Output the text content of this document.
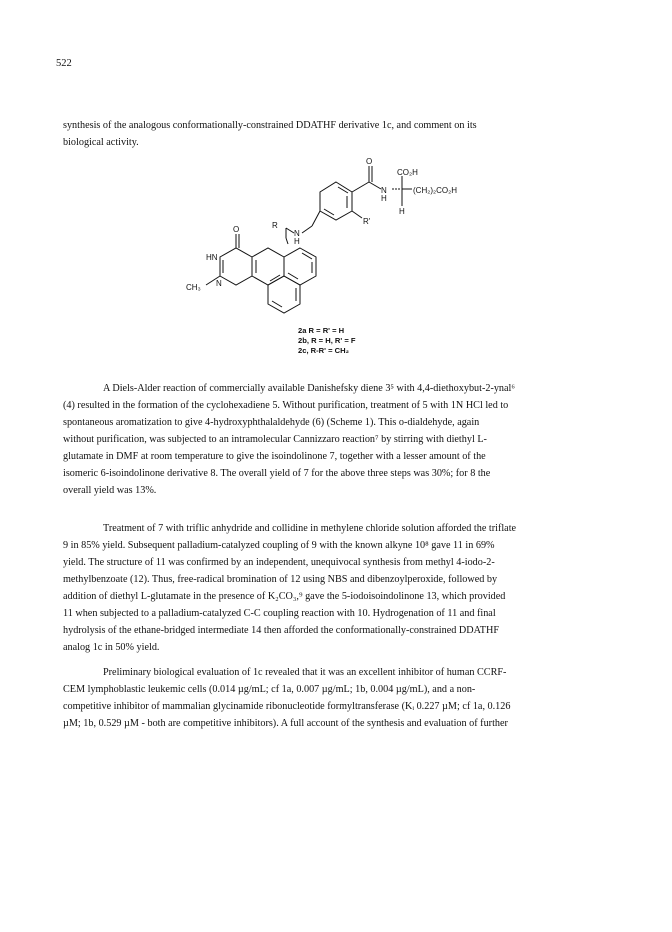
522

synthesis of the analogous conformationally-constrained DDATHF derivative 1c, and comment on its
biological activity.

O
CO₂H
N
H
(CH₂)₂CO₂H
H
R'
N
H
O
HN
N
CH₃
R
2a R = R' = H
2b, R = H, R' = F
2c, R-R' = CH₂

A Diels-Alder reaction of commercially available Danishefsky diene 3⁵ with 4,4-diethoxybut-2-ynal⁶
(4) resulted in the formation of the cyclohexadiene 5. Without purification, treatment of 5 with 1N HCl led to
spontaneous aromatization to give 4-hydroxyphthalaldehyde (6) (Scheme 1). This o-dialdehyde, again
without purification, was subjected to an intramolecular Cannizzaro reaction⁷ by stirring with diethyl L-
glutamate in DMF at room temperature to give the isoindolinone 7, together with a lesser amount of the
isomeric 6-isoindolinone derivative 8. The overall yield of 7 for the above three steps was 30%; for 8 the
overall yield was 13%.

Treatment of 7 with triflic anhydride and collidine in methylene chloride solution afforded the triflate
9 in 85% yield. Subsequent palladium-catalyzed coupling of 9 with the known alkyne 10⁸ gave 11 in 69%
yield. The structure of 11 was confirmed by an independent, unequivocal synthesis from methyl 4-iodo-2-
methylbenzoate (12). Thus, free-radical bromination of 12 using NBS and dibenzoylperoxide, followed by
addition of diethyl L-glutamate in the presence of K₂CO₃,⁹ gave the 5-iodoisoindolinone 13, which provided
11 when subjected to a palladium-catalyzed C-C coupling reaction with 10. Hydrogenation of 11 and final
hydrolysis of the ethane-bridged intermediate 14 then afforded the conformationally-constrained DDATHF
analog 1c in 50% yield.

Preliminary biological evaluation of 1c revealed that it was an excellent inhibitor of human CCRF-
CEM lymphoblastic leukemic cells (0.014 µg/mL; cf 1a, 0.007 µg/mL; 1b, 0.004 µg/mL), and a non-
competitive inhibitor of mammalian glycinamide ribonucleotide formyltransferase (Kᵢ 0.227 µM; cf 1a, 0.126
µM; 1b, 0.529 µM - both are competitive inhibitors). A full account of the synthesis and evaluation of further
